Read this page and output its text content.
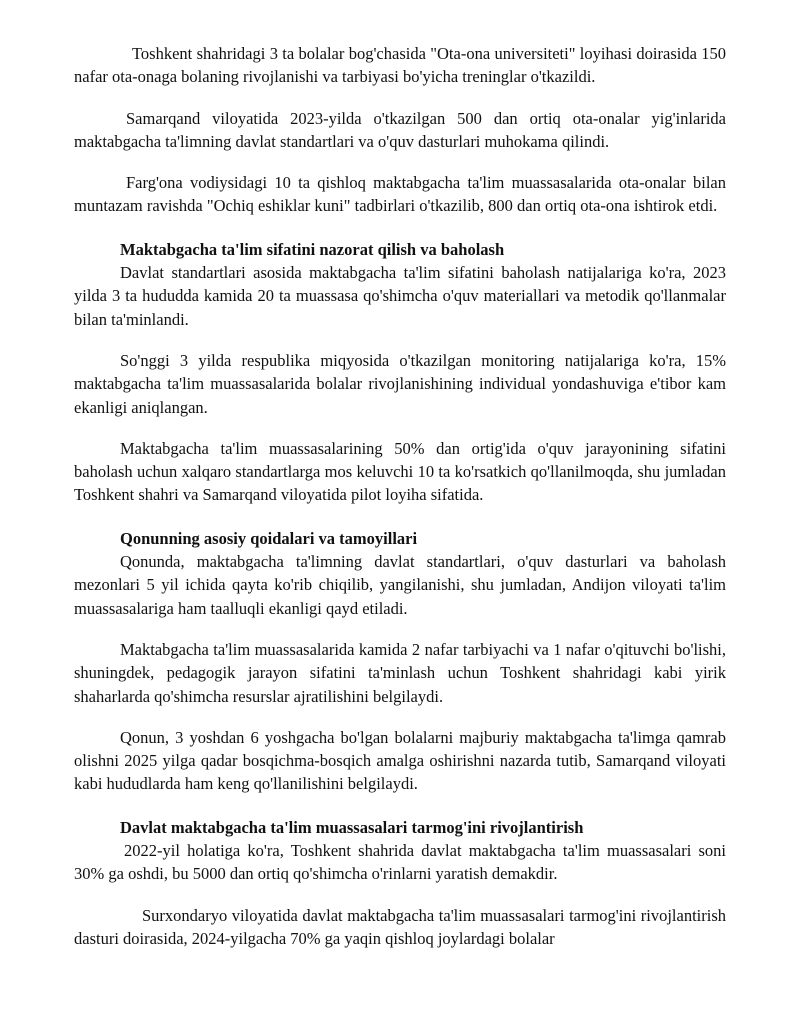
Toshkent shahridagi 3 ta bolalar bog'chasida "Ota-ona universiteti" loyihasi doirasida 150 nafar ota-onaga bolaning rivojlanishi va tarbiyasi bo'yicha treninglar o'tkazildi.

Samarqand viloyatida 2023-yilda o'tkazilgan 500 dan ortiq ota-onalar yig'inlarida maktabgacha ta'limning davlat standartlari va o'quv dasturlari muhokama qilindi.

Farg'ona vodiysidagi 10 ta qishloq maktabgacha ta'lim muassasalarida ota-onalar bilan muntazam ravishda "Ochiq eshiklar kuni" tadbirlari o'tkazilib, 800 dan ortiq ota-ona ishtirok etdi.

Maktabgacha ta'lim sifatini nazorat qilish va baholash

Davlat standartlari asosida maktabgacha ta'lim sifatini baholash natijalariga ko'ra, 2023 yilda 3 ta hududda kamida 20 ta muassasa qo'shimcha o'quv materiallari va metodik qo'llanmalar bilan ta'minlandi.

So'nggi 3 yilda respublika miqyosida o'tkazilgan monitoring natijalariga ko'ra, 15% maktabgacha ta'lim muassasalarida bolalar rivojlanishining individual yondashuviga e'tibor kam ekanligi aniqlangan.

Maktabgacha ta'lim muassasalarining 50% dan ortig'ida o'quv jarayonining sifatini baholash uchun xalqaro standartlarga mos keluvchi 10 ta ko'rsatkich qo'llanilmoqda, shu jumladan Toshkent shahri va Samarqand viloyatida pilot loyiha sifatida.

Qonunning asosiy qoidalari va tamoyillari

Qonunda, maktabgacha ta'limning davlat standartlari, o'quv dasturlari va baholash mezonlari 5 yil ichida qayta ko'rib chiqilib, yangilanishi, shu jumladan, Andijon viloyati ta'lim muassasalariga ham taalluqli ekanligi qayd etiladi.

Maktabgacha ta'lim muassasalarida kamida 2 nafar tarbiyachi va 1 nafar o'qituvchi bo'lishi, shuningdek, pedagogik jarayon sifatini ta'minlash uchun Toshkent shahridagi kabi yirik shaharlarda qo'shimcha resurslar ajratilishini belgilaydi.

Qonun, 3 yoshdan 6 yoshgacha bo'lgan bolalarni majburiy maktabgacha ta'limga qamrab olishni 2025 yilga qadar bosqichma-bosqich amalga oshirishni nazarda tutib, Samarqand viloyati kabi hududlarda ham keng qo'llanilishini belgilaydi.

Davlat maktabgacha ta'lim muassasalari tarmog'ini rivojlantirish

2022-yil holatiga ko'ra, Toshkent shahrida davlat maktabgacha ta'lim muassasalari soni 30% ga oshdi, bu 5000 dan ortiq qo'shimcha o'rinlarni yaratish demakdir.

Surxondaryo viloyatida davlat maktabgacha ta'lim muassasalari tarmog'ini rivojlantirish dasturi doirasida, 2024-yilgacha 70% ga yaqin qishloq joylardagi bolalar
